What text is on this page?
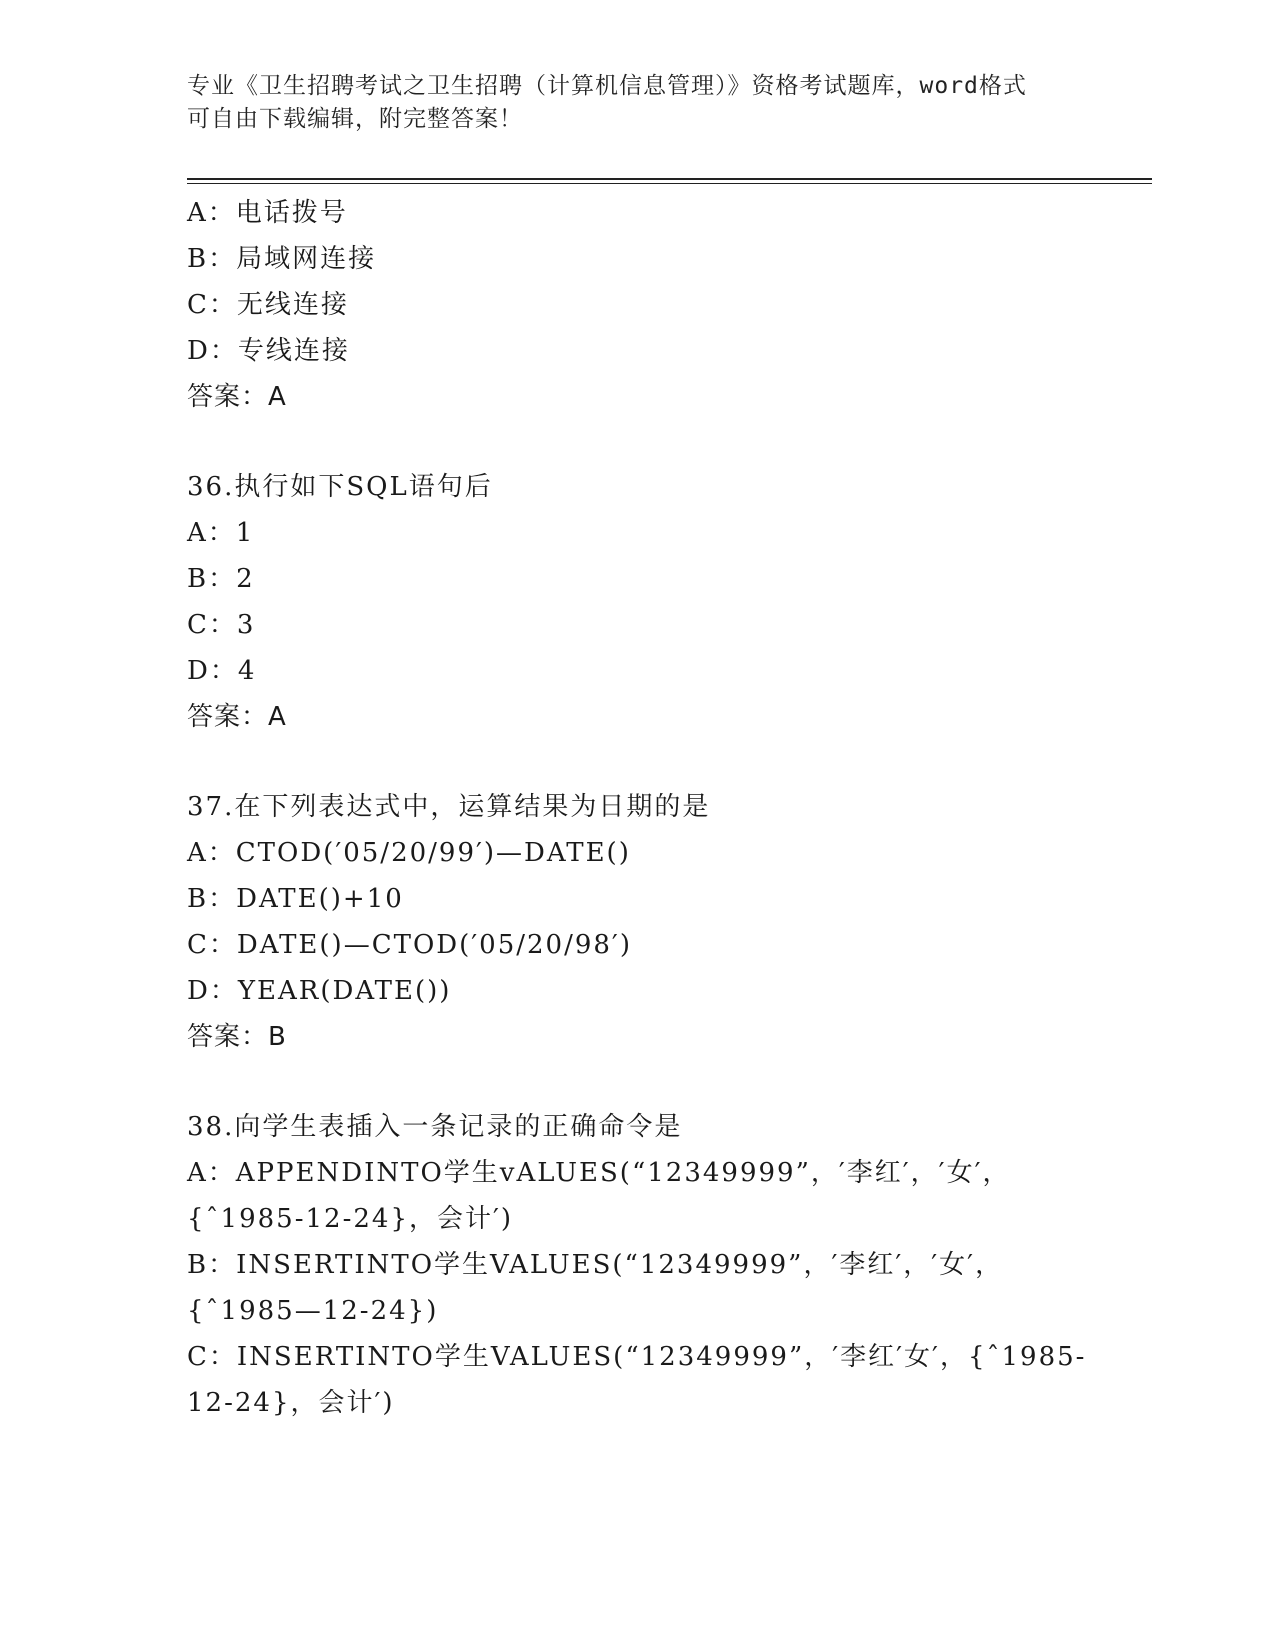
专业《卫生招聘考试之卫生招聘（计算机信息管理）》资格考试题库，word格式
可自由下载编辑，附完整答案！
A：电话拨号
B：局域网连接
C：无线连接
D：专线连接
答案：A
36.执行如下SQL语句后
A：1
B：2
C：3
D：4
答案：A
37.在下列表达式中，运算结果为日期的是
A：CTOD(′05/20/99′)—DATE()
B：DATE()+10
C：DATE()—CTOD(′05/20/98′)
D：YEAR(DATE())
答案：B
38.向学生表插入一条记录的正确命令是
A：APPENDINTO学生vALUES(“12349999”，′李红′，′女′，
{ˆ1985-12-24}，会计′)
B：INSERTINTO学生VALUES(“12349999”，′李红′，′女′，
{ˆ1985—12-24})
C：INSERTINTO学生VALUES(“12349999”，′李红′女′，{ˆ1985-
12-24}，会计′)
